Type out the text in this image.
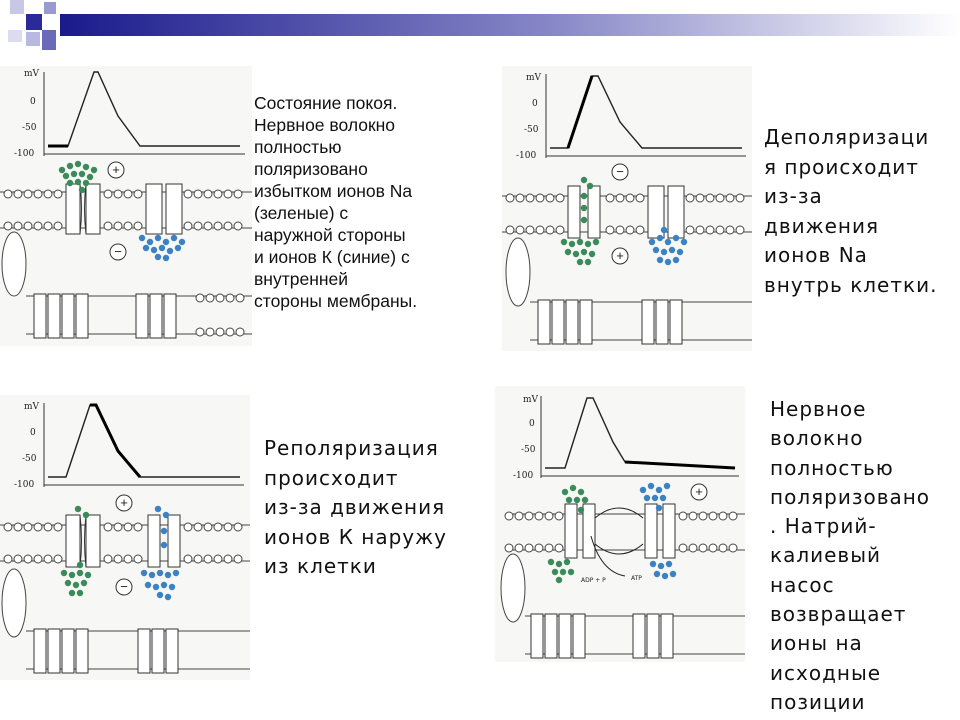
mV
0
-50
-100
+
−

Состояние покоя.
Нервное волокно
полностью
поляризовано
избытком ионов Na
(зеленые) с
наружной стороны
и ионов К (синие) с
внутренней
стороны мембраны.

mV
0
-50
-100
−
+

Деполяризаци
я происходит
из-за
движения
ионов Na
внутрь клетки.

mV
0
-50
-100
+
−

Реполяризация
происходит
из-за движения
ионов К наружу
из клетки

mV
0
-50
-100
ADP + P	ATP
+

Нервное
волокно
полностью
поляризовано
. Натрий-
калиевый
насос
возвращает
ионы на
исходные
позиции
